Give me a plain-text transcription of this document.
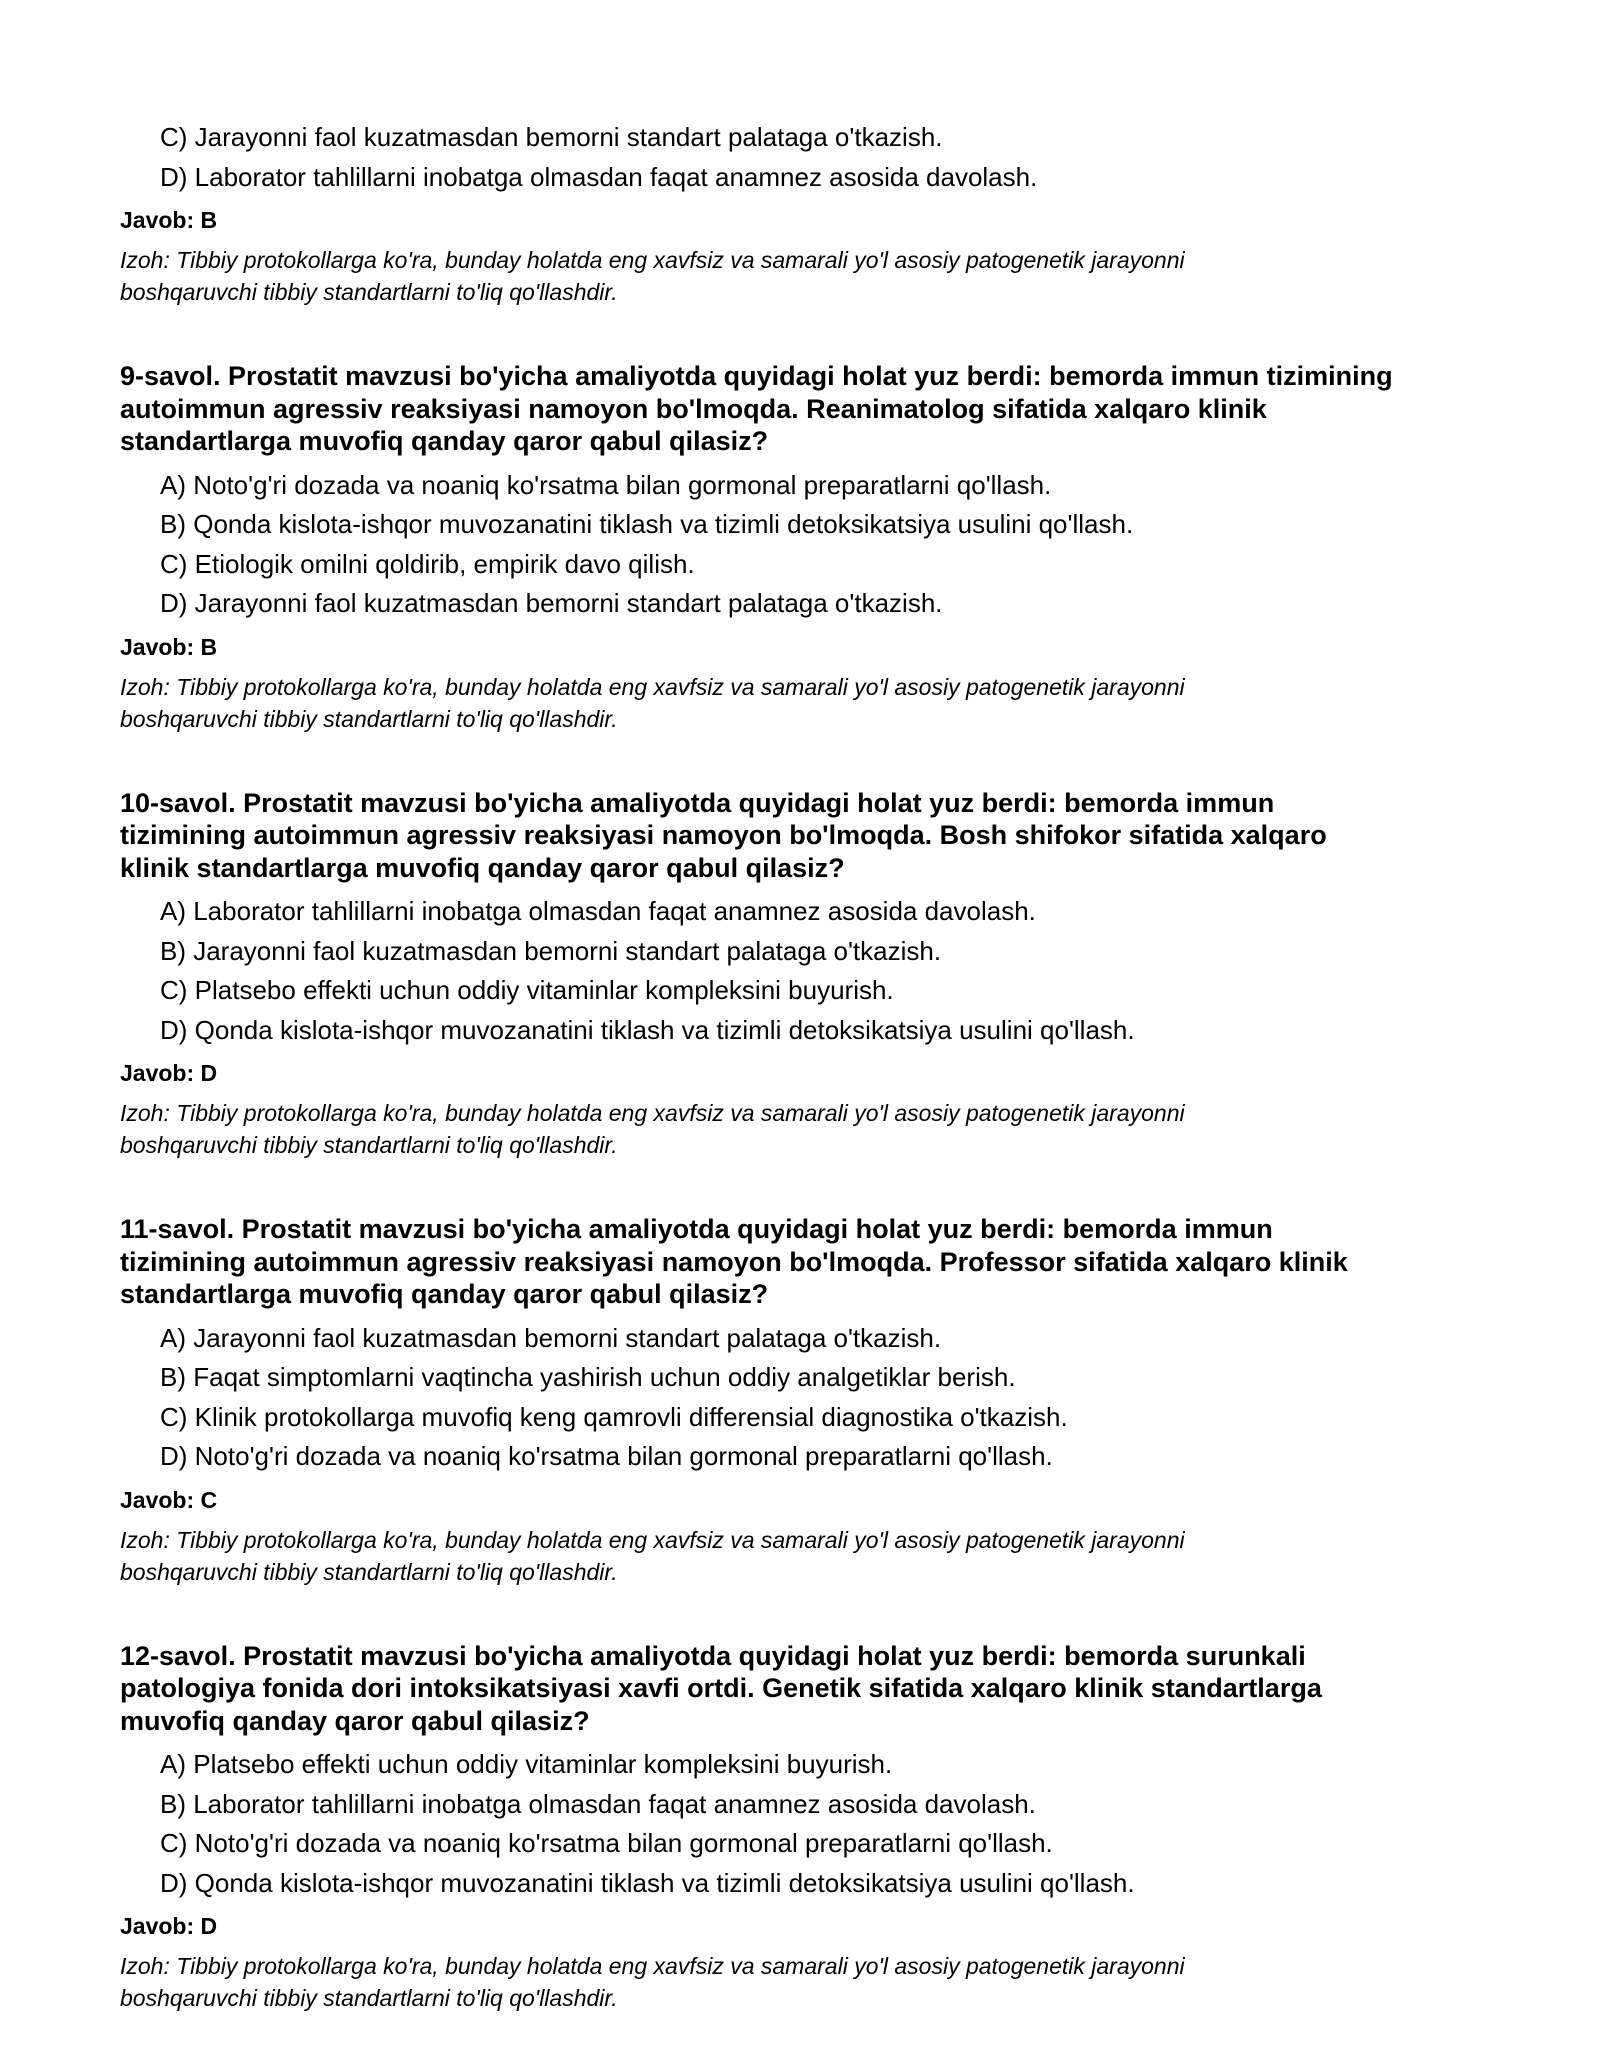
C) Jarayonni faol kuzatmasdan bemorni standart palataga o'tkazish.
D) Laborator tahlillarni inobatga olmasdan faqat anamnez asosida davolash.
Javob: B
Izoh: Tibbiy protokollarga ko'ra, bunday holatda eng xavfsiz va samarali yo'l asosiy patogenetik jarayonni
boshqaruvchi tibbiy standartlarni to'liq qo'llashdir.
9-savol. Prostatit mavzusi bo'yicha amaliyotda quyidagi holat yuz berdi: bemorda immun tizimining
autoimmun agressiv reaksiyasi namoyon bo'lmoqda. Reanimatolog sifatida xalqaro klinik
standartlarga muvofiq qanday qaror qabul qilasiz?
A) Noto'g'ri dozada va noaniq ko'rsatma bilan gormonal preparatlarni qo'llash.
B) Qonda kislota-ishqor muvozanatini tiklash va tizimli detoksikatsiya usulini qo'llash.
C) Etiologik omilni qoldirib, empirik davo qilish.
D) Jarayonni faol kuzatmasdan bemorni standart palataga o'tkazish.
Javob: B
Izoh: Tibbiy protokollarga ko'ra, bunday holatda eng xavfsiz va samarali yo'l asosiy patogenetik jarayonni
boshqaruvchi tibbiy standartlarni to'liq qo'llashdir.
10-savol. Prostatit mavzusi bo'yicha amaliyotda quyidagi holat yuz berdi: bemorda immun
tizimining autoimmun agressiv reaksiyasi namoyon bo'lmoqda. Bosh shifokor sifatida xalqaro
klinik standartlarga muvofiq qanday qaror qabul qilasiz?
A) Laborator tahlillarni inobatga olmasdan faqat anamnez asosida davolash.
B) Jarayonni faol kuzatmasdan bemorni standart palataga o'tkazish.
C) Platsebo effekti uchun oddiy vitaminlar kompleksini buyurish.
D) Qonda kislota-ishqor muvozanatini tiklash va tizimli detoksikatsiya usulini qo'llash.
Javob: D
Izoh: Tibbiy protokollarga ko'ra, bunday holatda eng xavfsiz va samarali yo'l asosiy patogenetik jarayonni
boshqaruvchi tibbiy standartlarni to'liq qo'llashdir.
11-savol. Prostatit mavzusi bo'yicha amaliyotda quyidagi holat yuz berdi: bemorda immun
tizimining autoimmun agressiv reaksiyasi namoyon bo'lmoqda. Professor sifatida xalqaro klinik
standartlarga muvofiq qanday qaror qabul qilasiz?
A) Jarayonni faol kuzatmasdan bemorni standart palataga o'tkazish.
B) Faqat simptomlarni vaqtincha yashirish uchun oddiy analgetiklar berish.
C) Klinik protokollarga muvofiq keng qamrovli differensial diagnostika o'tkazish.
D) Noto'g'ri dozada va noaniq ko'rsatma bilan gormonal preparatlarni qo'llash.
Javob: C
Izoh: Tibbiy protokollarga ko'ra, bunday holatda eng xavfsiz va samarali yo'l asosiy patogenetik jarayonni
boshqaruvchi tibbiy standartlarni to'liq qo'llashdir.
12-savol. Prostatit mavzusi bo'yicha amaliyotda quyidagi holat yuz berdi: bemorda surunkali
patologiya fonida dori intoksikatsiyasi xavfi ortdi. Genetik sifatida xalqaro klinik standartlarga
muvofiq qanday qaror qabul qilasiz?
A) Platsebo effekti uchun oddiy vitaminlar kompleksini buyurish.
B) Laborator tahlillarni inobatga olmasdan faqat anamnez asosida davolash.
C) Noto'g'ri dozada va noaniq ko'rsatma bilan gormonal preparatlarni qo'llash.
D) Qonda kislota-ishqor muvozanatini tiklash va tizimli detoksikatsiya usulini qo'llash.
Javob: D
Izoh: Tibbiy protokollarga ko'ra, bunday holatda eng xavfsiz va samarali yo'l asosiy patogenetik jarayonni
boshqaruvchi tibbiy standartlarni to'liq qo'llashdir.
